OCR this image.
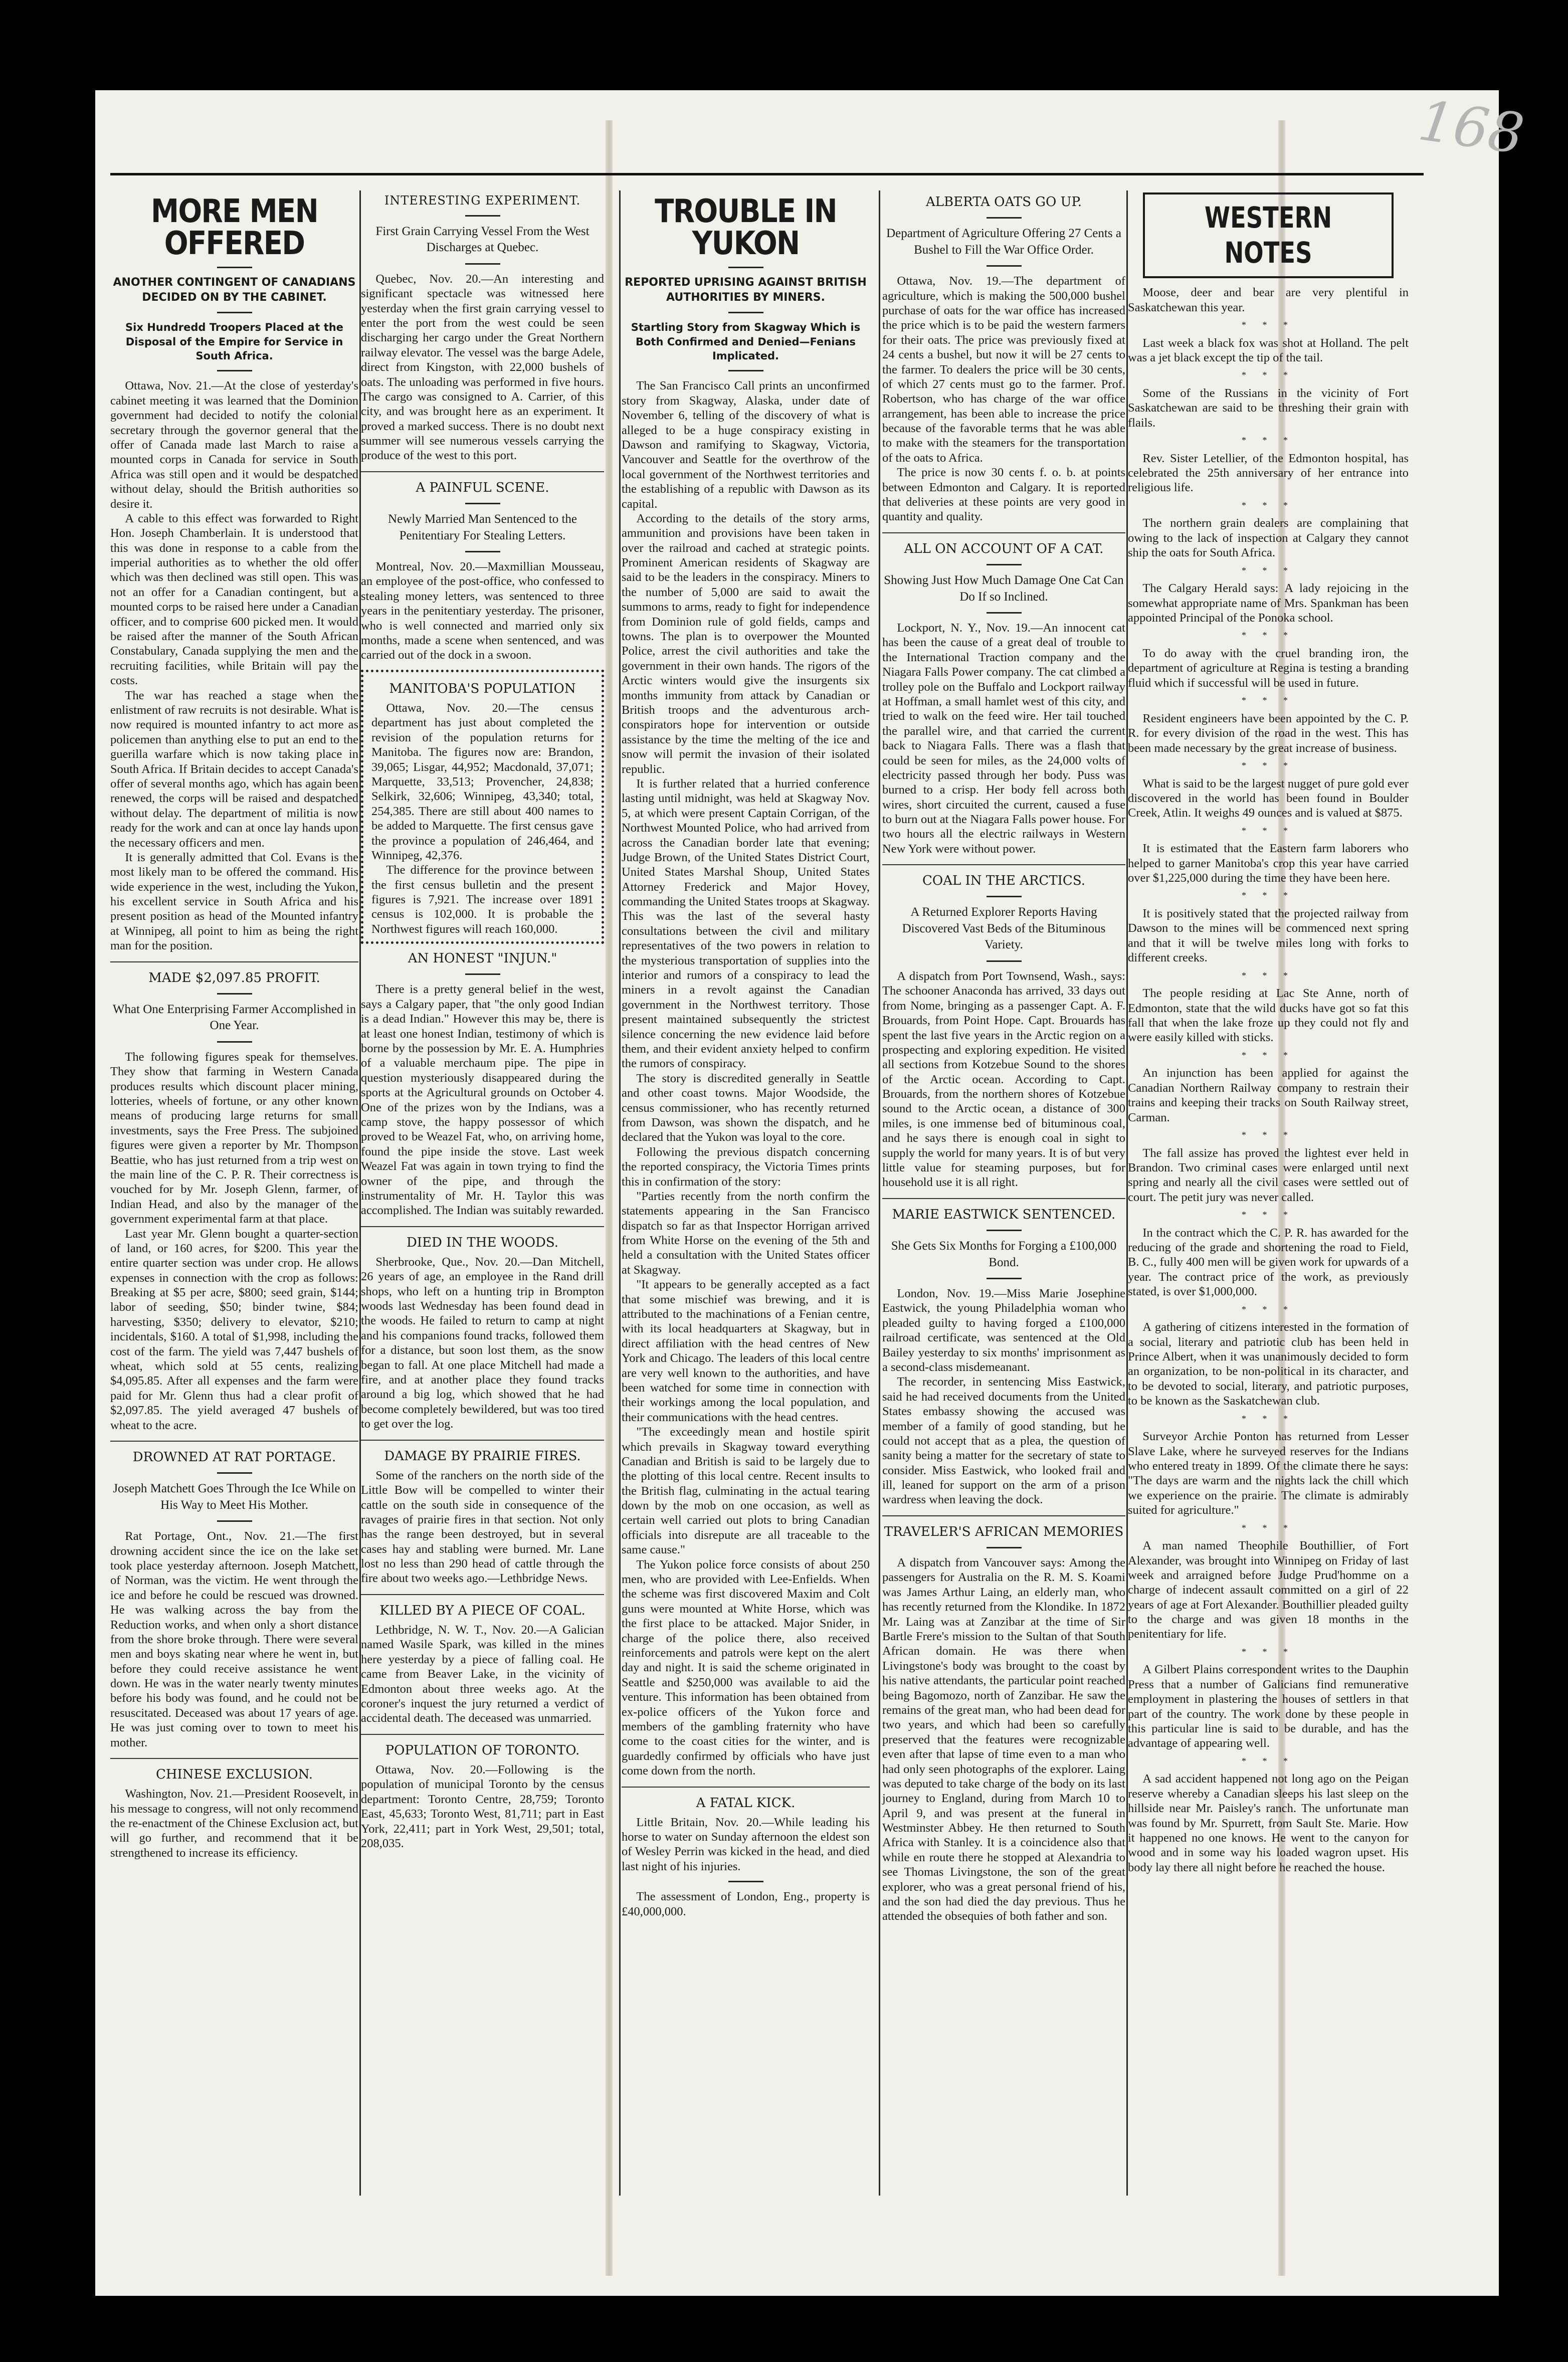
168
MORE MEN OFFERED
ANOTHER CONTINGENT OF CANADIANS DECIDED ON BY THE CABINET.
Six Hundredd Troopers Placed at the Disposal of the Empire for Service in South Africa.

Ottawa, Nov. 21.—At the close of yesterday's cabinet meeting it was learned that the Dominion government had decided to notify the colonial secretary through the governor general that the offer of Canada made last March to raise a mounted corps in Canada for service in South Africa was still open and it would be despatched without delay, should the British authorities so desire it.

A cable to this effect was forwarded to Right Hon. Joseph Chamberlain. It is understood that this was done in response to a cable from the imperial authorities as to whether the old offer which was then declined was still open. This was not an offer for a Canadian contingent, but a mounted corps to be raised here under a Canadian officer, and to comprise 600 picked men. It would be raised after the manner of the South African Constabulary, Canada supplying the men and the recruiting facilities, while Britain will pay the costs.

The war has reached a stage when the enlistment of raw recruits is not desirable. What is now required is mounted infantry to act more as policemen than anything else to put an end to the guerilla warfare which is now taking place in South Africa. If Britain decides to accept Canada's offer of several months ago, which has again been renewed, the corps will be raised and despatched without delay. The department of militia is now ready for the work and can at once lay hands upon the necessary officers and men.

It is generally admitted that Col. Evans is the most likely man to be offered the command. His wide experience in the west, including the Yukon, his excellent service in South Africa and his present position as head of the Mounted infantry at Winnipeg, all point to him as being the right man for the position.

MADE $2,097.85 PROFIT.
What One Enterprising Farmer Accomplished in One Year.

The following figures speak for themselves. They show that farming in Western Canada produces results which discount placer mining, lotteries, wheels of fortune, or any other known means of producing large returns for small investments, says the Free Press. The subjoined figures were given a reporter by Mr. Thompson Beattie, who has just returned from a trip west on the main line of the C. P. R. Their correctness is vouched for by Mr. Joseph Glenn, farmer, of Indian Head, and also by the manager of the government experimental farm at that place.

Last year Mr. Glenn bought a quarter-section of land, or 160 acres, for $200. This year the entire quarter section was under crop. He allows expenses in connection with the crop as follows: Breaking at $5 per acre, $800; seed grain, $144; labor of seeding, $50; binder twine, $84; harvesting, $350; delivery to elevator, $210; incidentals, $160. A total of $1,998, including the cost of the farm. The yield was 7,447 bushels of wheat, which sold at 55 cents, realizing $4,095.85. After all expenses and the farm were paid for Mr. Glenn thus had a clear profit of $2,097.85. The yield averaged 47 bushels of wheat to the acre.

DROWNED AT RAT PORTAGE.
Joseph Matchett Goes Through the Ice While on His Way to Meet His Mother.

Rat Portage, Ont., Nov. 21.—The first drowning accident since the ice on the lake set took place yesterday afternoon. Joseph Matchett, of Norman, was the victim. He went through the ice and before he could be rescued was drowned. He was walking across the bay from the Reduction works, and when only a short distance from the shore broke through. There were several men and boys skating near where he went in, but before they could receive assistance he went down. He was in the water nearly twenty minutes before his body was found, and he could not be resuscitated. Deceased was about 17 years of age. He was just coming over to town to meet his mother.

CHINESE EXCLUSION.

Washington, Nov. 21.—President Roosevelt, in his message to congress, will not only recommend the re-enactment of the Chinese Exclusion act, but will go further, and recommend that it be strengthened to increase its efficiency.

INTERESTING EXPERIMENT.
First Grain Carrying Vessel From the West Discharges at Quebec.

Quebec, Nov. 20.—An interesting and significant spectacle was witnessed here yesterday when the first grain carrying vessel to enter the port from the west could be seen discharging her cargo under the Great Northern railway elevator. The vessel was the barge Adele, direct from Kingston, with 22,000 bushels of oats. The unloading was performed in five hours. The cargo was consigned to A. Carrier, of this city, and was brought here as an experiment. It proved a marked success. There is no doubt next summer will see numerous vessels carrying the produce of the west to this port.

A PAINFUL SCENE.
Newly Married Man Sentenced to the Penitentiary For Stealing Letters.

Montreal, Nov. 20.—Maxmillian Mousseau, an employee of the post-office, who confessed to stealing money letters, was sentenced to three years in the penitentiary yesterday. The prisoner, who is well connected and married only six months, made a scene when sentenced, and was carried out of the dock in a swoon.

MANITOBA'S POPULATION

Ottawa, Nov. 20.—The census department has just about completed the revision of the population returns for Manitoba. The figures now are: Brandon, 39,065; Lisgar, 44,952; Macdonald, 37,071; Marquette, 33,513; Provencher, 24,838; Selkirk, 32,606; Winnipeg, 43,340; total, 254,385. There are still about 400 names to be added to Marquette. The first census gave the province a population of 246,464, and Winnipeg, 42,376.

The difference for the province between the first census bulletin and the present figures is 7,921. The increase over 1891 census is 102,000. It is probable the Northwest figures will reach 160,000.

AN HONEST "INJUN."

There is a pretty general belief in the west, says a Calgary paper, that "the only good Indian is a dead Indian." However this may be, there is at least one honest Indian, testimony of which is borne by the possession by Mr. E. A. Humphries of a valuable merchaum pipe. The pipe in question mysteriously disappeared during the sports at the Agricultural grounds on October 4. One of the prizes won by the Indians, was a camp stove, the happy possessor of which proved to be Weazel Fat, who, on arriving home, found the pipe inside the stove. Last week Weazel Fat was again in town trying to find the owner of the pipe, and through the instrumentality of Mr. H. Taylor this was accomplished. The Indian was suitably rewarded.

DIED IN THE WOODS.

Sherbrooke, Que., Nov. 20.—Dan Mitchell, 26 years of age, an employee in the Rand drill shops, who left on a hunting trip in Brompton woods last Wednesday has been found dead in the woods. He failed to return to camp at night and his companions found tracks, followed them for a distance, but soon lost them, as the snow began to fall. At one place Mitchell had made a fire, and at another place they found tracks around a big log, which showed that he had become completely bewildered, but was too tired to get over the log.

DAMAGE BY PRAIRIE FIRES.

Some of the ranchers on the north side of the Little Bow will be compelled to winter their cattle on the south side in consequence of the ravages of prairie fires in that section. Not only has the range been destroyed, but in several cases hay and stabling were burned. Mr. Lane lost no less than 290 head of cattle through the fire about two weeks ago.—Lethbridge News.

KILLED BY A PIECE OF COAL.

Lethbridge, N. W. T., Nov. 20.—A Galician named Wasile Spark, was killed in the mines here yesterday by a piece of falling coal. He came from Beaver Lake, in the vicinity of Edmonton about three weeks ago. At the coroner's inquest the jury returned a verdict of accidental death. The deceased was unmarried.

POPULATION OF TORONTO.

Ottawa, Nov. 20.—Following is the population of municipal Toronto by the census department: Toronto Centre, 28,759; Toronto East, 45,633; Toronto West, 81,711; part in East York, 22,411; part in York West, 29,501; total, 208,035.

TROUBLE IN YUKON
REPORTED UPRISING AGAINST BRITISH AUTHORITIES BY MINERS.
Startling Story from Skagway Which is Both Confirmed and Denied—Fenians Implicated.

The San Francisco Call prints an unconfirmed story from Skagway, Alaska, under date of November 6, telling of the discovery of what is alleged to be a huge conspiracy existing in Dawson and ramifying to Skagway, Victoria, Vancouver and Seattle for the overthrow of the local government of the Northwest territories and the establishing of a republic with Dawson as its capital.

According to the details of the story arms, ammunition and provisions have been taken in over the railroad and cached at strategic points. Prominent American residents of Skagway are said to be the leaders in the conspiracy. Miners to the number of 5,000 are said to await the summons to arms, ready to fight for independence from Dominion rule of gold fields, camps and towns. The plan is to overpower the Mounted Police, arrest the civil authorities and take the government in their own hands. The rigors of the Arctic winters would give the insurgents six months immunity from attack by Canadian or British troops and the adventurous arch-conspirators hope for intervention or outside assistance by the time the melting of the ice and snow will permit the invasion of their isolated republic.

It is further related that a hurried conference lasting until midnight, was held at Skagway Nov. 5, at which were present Captain Corrigan, of the Northwest Mounted Police, who had arrived from across the Canadian border late that evening; Judge Brown, of the United States District Court, United States Marshal Shoup, United States Attorney Frederick and Major Hovey, commanding the United States troops at Skagway. This was the last of the several hasty consultations between the civil and military representatives of the two powers in relation to the mysterious transportation of supplies into the interior and rumors of a conspiracy to lead the miners in a revolt against the Canadian government in the Northwest territory. Those present maintained subsequently the strictest silence concerning the new evidence laid before them, and their evident anxiety helped to confirm the rumors of conspiracy.

The story is discredited generally in Seattle and other coast towns. Major Woodside, the census commissioner, who has recently returned from Dawson, was shown the dispatch, and he declared that the Yukon was loyal to the core.

Following the previous dispatch concerning the reported conspiracy, the Victoria Times prints this in confirmation of the story:

"Parties recently from the north confirm the statements appearing in the San Francisco dispatch so far as that Inspector Horrigan arrived from White Horse on the evening of the 5th and held a consultation with the United States officer at Skagway.

"It appears to be generally accepted as a fact that some mischief was brewing, and it is attributed to the machinations of a Fenian centre, with its local headquarters at Skagway, but in direct affiliation with the head centres of New York and Chicago. The leaders of this local centre are very well known to the authorities, and have been watched for some time in connection with their workings among the local population, and their communications with the head centres.

"The exceedingly mean and hostile spirit which prevails in Skagway toward everything Canadian and British is said to be largely due to the plotting of this local centre. Recent insults to the British flag, culminating in the actual tearing down by the mob on one occasion, as well as certain well carried out plots to bring Canadian officials into disrepute are all traceable to the same cause."

The Yukon police force consists of about 250 men, who are provided with Lee-Enfields. When the scheme was first discovered Maxim and Colt guns were mounted at White Horse, which was the first place to be attacked. Major Snider, in charge of the police there, also received reinforcements and patrols were kept on the alert day and night. It is said the scheme originated in Seattle and $250,000 was available to aid the venture. This information has been obtained from ex-police officers of the Yukon force and members of the gambling fraternity who have come to the coast cities for the winter, and is guardedly confirmed by officials who have just come down from the north.

A FATAL KICK.

Little Britain, Nov. 20.—While leading his horse to water on Sunday afternoon the eldest son of Wesley Perrin was kicked in the head, and died last night of his injuries.

The assessment of London, Eng., property is £40,000,000.

ALBERTA OATS GO UP.
Department of Agriculture Offering 27 Cents a Bushel to Fill the War Office Order.

Ottawa, Nov. 19.—The department of agriculture, which is making the 500,000 bushel purchase of oats for the war office has increased the price which is to be paid the western farmers for their oats. The price was previously fixed at 24 cents a bushel, but now it will be 27 cents to the farmer. To dealers the price will be 30 cents, of which 27 cents must go to the farmer. Prof. Robertson, who has charge of the war office arrangement, has been able to increase the price because of the favorable terms that he was able to make with the steamers for the transportation of the oats to Africa.

The price is now 30 cents f. o. b. at points between Edmonton and Calgary. It is reported that deliveries at these points are very good in quantity and quality.

ALL ON ACCOUNT OF A CAT.
Showing Just How Much Damage One Cat Can Do If so Inclined.

Lockport, N. Y., Nov. 19.—An innocent cat has been the cause of a great deal of trouble to the International Traction company and the Niagara Falls Power company. The cat climbed a trolley pole on the Buffalo and Lockport railway at Hoffman, a small hamlet west of this city, and tried to walk on the feed wire. Her tail touched the parallel wire, and that carried the current back to Niagara Falls. There was a flash that could be seen for miles, as the 24,000 volts of electricity passed through her body. Puss was burned to a crisp. Her body fell across both wires, short circuited the current, caused a fuse to burn out at the Niagara Falls power house. For two hours all the electric railways in Western New York were without power.

COAL IN THE ARCTICS.
A Returned Explorer Reports Having Discovered Vast Beds of the Bituminous Variety.

A dispatch from Port Townsend, Wash., says: The schooner Anaconda has arrived, 33 days out from Nome, bringing as a passenger Capt. A. F. Brouards, from Point Hope. Capt. Brouards has spent the last five years in the Arctic region on a prospecting and exploring expedition. He visited all sections from Kotzebue Sound to the shores of the Arctic ocean. According to Capt. Brouards, from the northern shores of Kotzebue sound to the Arctic ocean, a distance of 300 miles, is one immense bed of bituminous coal, and he says there is enough coal in sight to supply the world for many years. It is of but very little value for steaming purposes, but for household use it is all right.

MARIE EASTWICK SENTENCED.
She Gets Six Months for Forging a £100,000 Bond.

London, Nov. 19.—Miss Marie Josephine Eastwick, the young Philadelphia woman who pleaded guilty to having forged a £100,000 railroad certificate, was sentenced at the Old Bailey yesterday to six months' imprisonment as a second-class misdemeanant.

The recorder, in sentencing Miss Eastwick, said he had received documents from the United States embassy showing the accused was member of a family of good standing, but he could not accept that as a plea, the question of sanity being a matter for the secretary of state to consider. Miss Eastwick, who looked frail and ill, leaned for support on the arm of a prison wardress when leaving the dock.

TRAVELER'S AFRICAN MEMORIES

A dispatch from Vancouver says: Among the passengers for Australia on the R. M. S. Koami was James Arthur Laing, an elderly man, who has recently returned from the Klondike. In 1872 Mr. Laing was at Zanzibar at the time of Sir Bartle Frere's mission to the Sultan of that South African domain. He was there when Livingstone's body was brought to the coast by his native attendants, the particular point reached being Bagomozo, north of Zanzibar. He saw the remains of the great man, who had been dead for two years, and which had been so carefully preserved that the features were recognizable even after that lapse of time even to a man who had only seen photographs of the explorer. Laing was deputed to take charge of the body on its last journey to England, during from March 10 to April 9, and was present at the funeral in Westminster Abbey. He then returned to South Africa with Stanley. It is a coincidence also that while en route there he stopped at Alexandria to see Thomas Livingstone, the son of the great explorer, who was a great personal friend of his, and the son had died the day previous. Thus he attended the obsequies of both father and son.

WESTERN NOTES

Moose, deer and bear are very plentiful in Saskatchewan this year.

* * *

Last week a black fox was shot at Holland. The pelt was a jet black except the tip of the tail.

* * *

Some of the Russians in the vicinity of Fort Saskatchewan are said to be threshing their grain with flails.

* * *

Rev. Sister Letellier, of the Edmonton hospital, has celebrated the 25th anniversary of her entrance into religious life.

* * *

The northern grain dealers are complaining that owing to the lack of inspection at Calgary they cannot ship the oats for South Africa.

* * *

The Calgary Herald says: A lady rejoicing in the somewhat appropriate name of Mrs. Spankman has been appointed Principal of the Ponoka school.

* * *

To do away with the cruel branding iron, the department of agriculture at Regina is testing a branding fluid which if successful will be used in future.

* * *

Resident engineers have been appointed by the C. P. R. for every division of the road in the west. This has been made necessary by the great increase of business.

* * *

What is said to be the largest nugget of pure gold ever discovered in the world has been found in Boulder Creek, Atlin. It weighs 49 ounces and is valued at $875.

* * *

It is estimated that the Eastern farm laborers who helped to garner Manitoba's crop this year have carried over $1,225,000 during the time they have been here.

* * *

It is positively stated that the projected railway from Dawson to the mines will be commenced next spring and that it will be twelve miles long with forks to different creeks.

* * *

The people residing at Lac Ste Anne, north of Edmonton, state that the wild ducks have got so fat this fall that when the lake froze up they could not fly and were easily killed with sticks.

* * *

An injunction has been applied for against the Canadian Northern Railway company to restrain their trains and keeping their tracks on South Railway street, Carman.

* * *

The fall assize has proved the lightest ever held in Brandon. Two criminal cases were enlarged until next spring and nearly all the civil cases were settled out of court. The petit jury was never called.

* * *

In the contract which the C. P. R. has awarded for the reducing of the grade and shortening the road to Field, B. C., fully 400 men will be given work for upwards of a year. The contract price of the work, as previously stated, is over $1,000,000.

* * *

A gathering of citizens interested in the formation of a social, literary and patriotic club has been held in Prince Albert, when it was unanimously decided to form an organization, to be non-political in its character, and to be devoted to social, literary, and patriotic purposes, to be known as the Saskatchewan club.

* * *

Surveyor Archie Ponton has returned from Lesser Slave Lake, where he surveyed reserves for the Indians who entered treaty in 1899. Of the climate there he says: "The days are warm and the nights lack the chill which we experience on the prairie. The climate is admirably suited for agriculture."

* * *

A man named Theophile Bouthillier, of Fort Alexander, was brought into Winnipeg on Friday of last week and arraigned before Judge Prud'homme on a charge of indecent assault committed on a girl of 22 years of age at Fort Alexander. Bouthillier pleaded guilty to the charge and was given 18 months in the penitentiary for life.

* * *

A Gilbert Plains correspondent writes to the Dauphin Press that a number of Galicians find remunerative employment in plastering the houses of settlers in that part of the country. The work done by these people in this particular line is said to be durable, and has the advantage of appearing well.

* * *

A sad accident happened not long ago on the Peigan reserve whereby a Canadian sleeps his last sleep on the hillside near Mr. Paisley's ranch. The unfortunate man was found by Mr. Spurrett, from Sault Ste. Marie. How it happened no one knows. He went to the canyon for wood and in some way his loaded wagron upset. His body lay there all night before he reached the house.
